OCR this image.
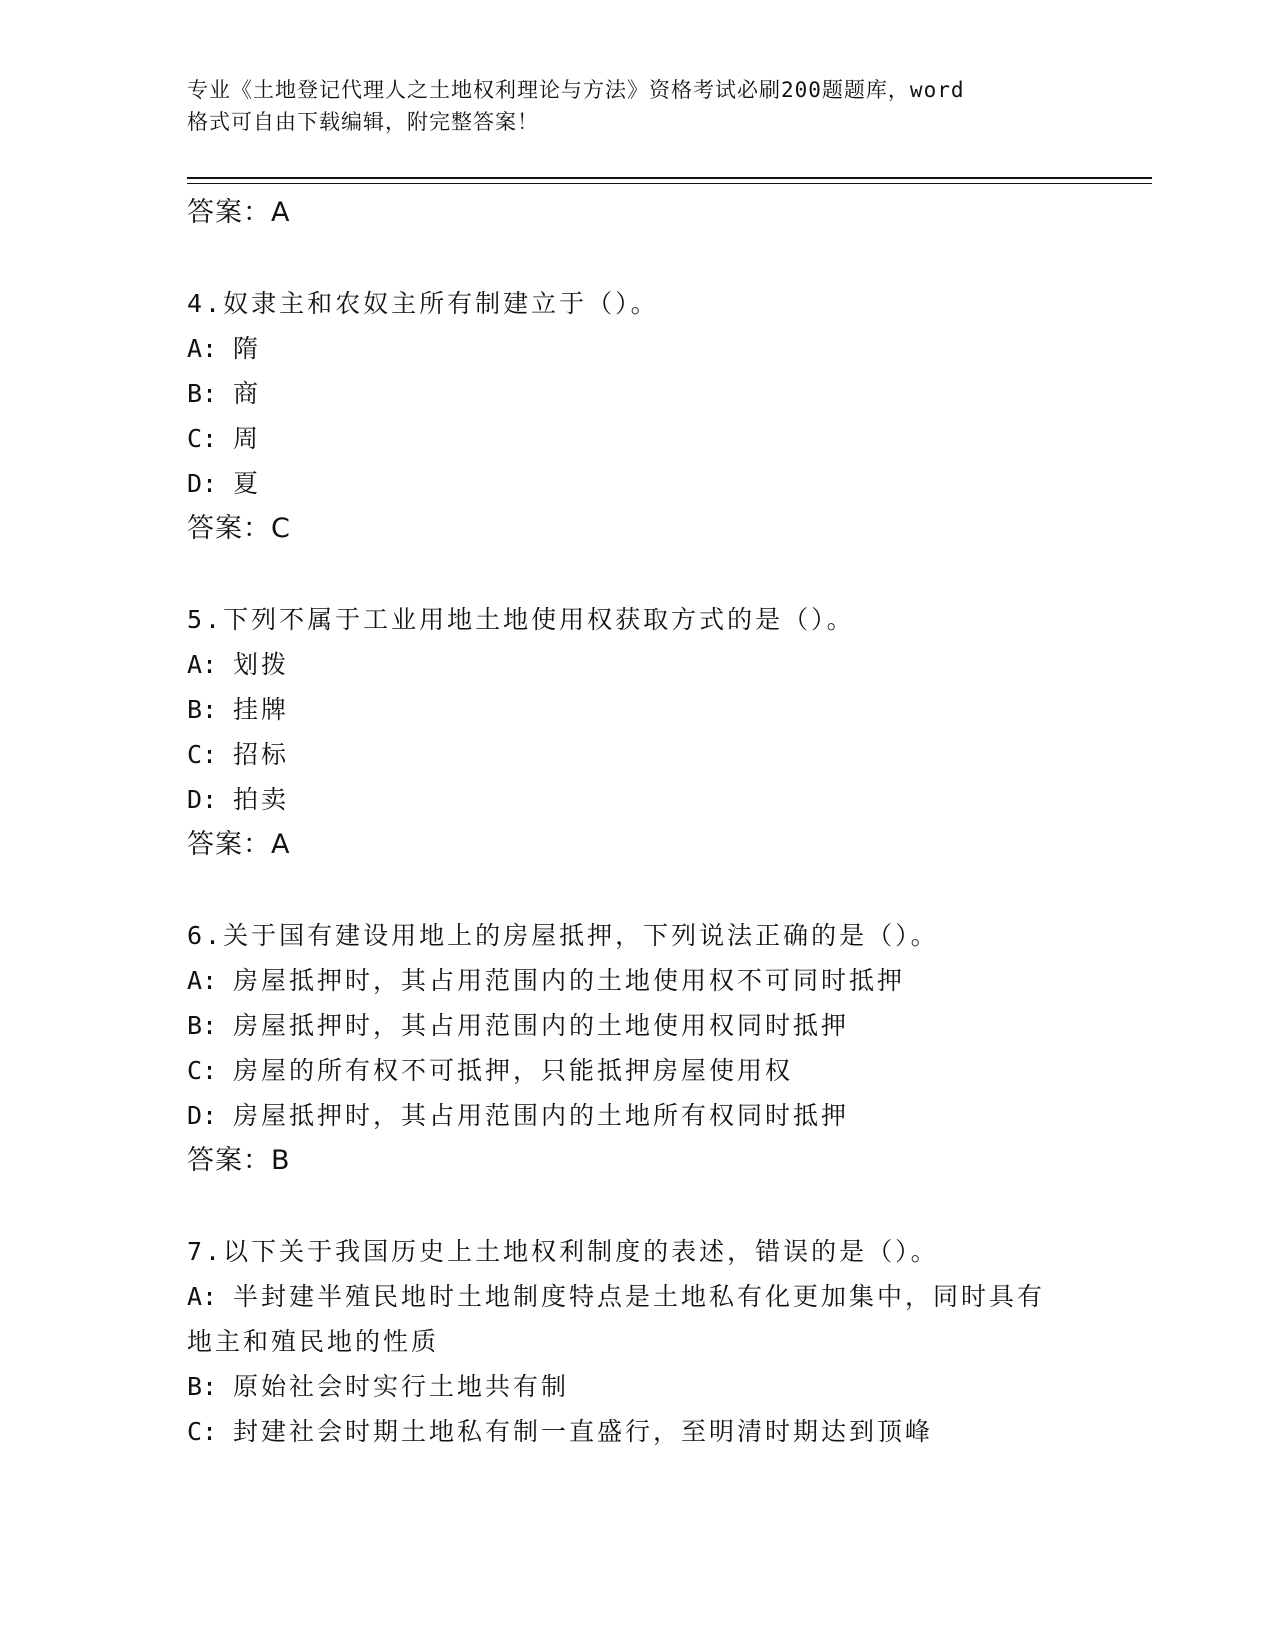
专业《土地登记代理人之土地权利理论与方法》资格考试必刷200题题库，word
格式可自由下载编辑，附完整答案！
答案：A
4.奴隶主和农奴主所有制建立于（）。
A: 隋
B: 商
C: 周
D: 夏
答案：C
5.下列不属于工业用地土地使用权获取方式的是（）。
A: 划拨
B: 挂牌
C: 招标
D: 拍卖
答案：A
6.关于国有建设用地上的房屋抵押，下列说法正确的是（）。
A: 房屋抵押时，其占用范围内的土地使用权不可同时抵押
B: 房屋抵押时，其占用范围内的土地使用权同时抵押
C: 房屋的所有权不可抵押，只能抵押房屋使用权
D: 房屋抵押时，其占用范围内的土地所有权同时抵押
答案：B
7.以下关于我国历史上土地权利制度的表述，错误的是（）。
A: 半封建半殖民地时土地制度特点是土地私有化更加集中，同时具有地主和殖民地的性质
B: 原始社会时实行土地共有制
C: 封建社会时期土地私有制一直盛行，至明清时期达到顶峰
